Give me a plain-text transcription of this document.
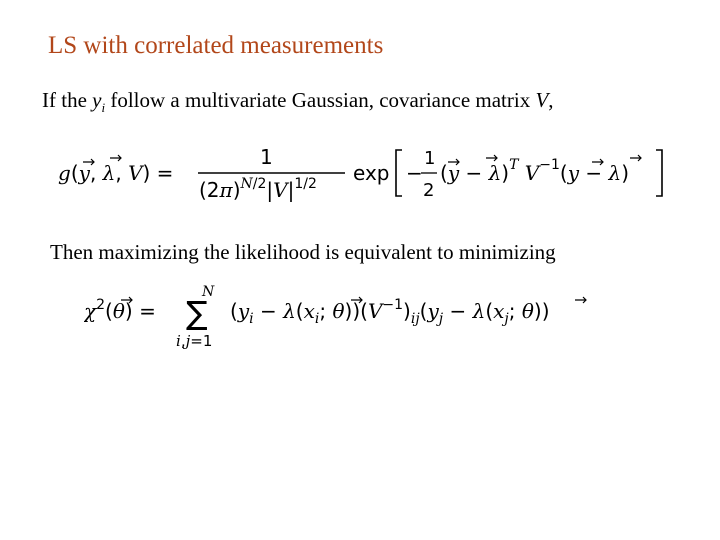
LS with correlated measurements
If the $y_i$ follow a multivariate Gaussian, covariance matrix V,
g(y, λ, V) =
1
$(2\pi)^N/2|V|^{1/2}$ exp −
1
2
$(y - \lambda)^T$ $V^{-1}(y - \lambda)$
Then maximizing the likelihood is equivalent to minimizing
$\chi^2(\theta)$ =
N
∑
i,j=1
($y_i - \lambda(x_i$; $\theta))(V^{-1})_{ij}(y_j - \lambda(x_j$; θ))
